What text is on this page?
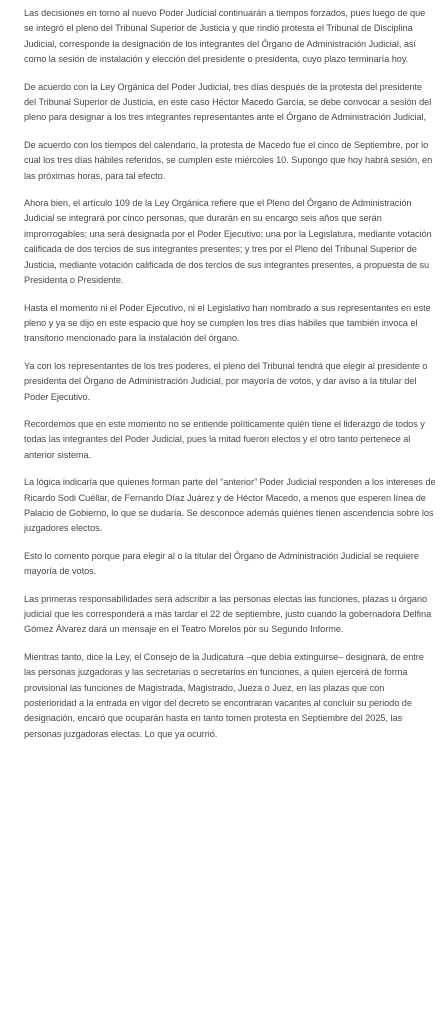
Las decisiones en torno al nuevo Poder Judicial continuarán a tiempos forzados, pues luego de que se integró el pleno del Tribunal Superior de Justicia y que rindió protesta el Tribunal de Disciplina Judicial, corresponde la designación de los integrantes del Órgano de Administración Judicial, así como la sesión de instalación y elección del presidente o presidenta, cuyo plazo terminaría hoy.

De acuerdo con la Ley Orgánica del Poder Judicial, tres días después de la protesta del presidente del Tribunal Superior de Justicia, en este caso Héctor Macedo García, se debe convocar a sesión del pleno para designar a los tres integrantes representantes ante el Órgano de Administración Judicial,

De acuerdo con los tiempos del calendario, la protesta de Macedo fue el cinco de Septiembre, por lo cual los tres días hábiles referidos, se cumplen este miércoles 10. Supongo que hoy habrá sesión, en las próximas horas, para tal efecto.

Ahora bien, el artículo 109 de la Ley Orgánica refiere que el Pleno del Órgano de Administración Judicial se integrará por cinco personas, que durarán en su encargo seis años que serán improrrogables; una será designada por el Poder Ejecutivo; una por la Legislatura, mediante votación calificada de dos tercios de sus integrantes presentes; y tres por el Pleno del Tribunal Superior de Justicia, mediante votación calificada de dos tercios de sus integrantes presentes, a propuesta de su Presidenta o Presidente.

Hasta el momento ni el Poder Ejecutivo, ni el Legislativo han nombrado a sus representantes en este pleno y ya se dijo en este espacio que hoy se cumplen los tres días hábiles que también invoca el transitorio mencionado para la instalación del órgano.

Ya con los representantes de los tres poderes, el pleno del Tribunal tendrá que elegir al presidente o presidenta del Órgano de Administración Judicial, por mayoría de votos, y dar aviso a la titular del Poder Ejecutivo.

Recordemos que en este momento no se entiende políticamente quién tiene el liderazgo de todos y todas las integrantes del Poder Judicial, pues la mitad fueron electos y el otro tanto pertenece al anterior sistema.

La lógica indicaría que quienes forman parte del “anterior” Poder Judicial responden a los intereses de Ricardo Sodi Cuéllar, de Fernando Díaz Juárez y de Héctor Macedo, a menos que esperen línea de Palacio de Gobierno, lo que se dudaría. Se desconoce además quiénes tienen ascendencia sobre los juzgadores electos.

Esto lo comento porque para elegir al o la titular del Órgano de Administración Judicial se requiere mayoría de votos.

Las primeras responsabilidades será adscribir a las personas electas las funciones, plazas u órgano judicial que les corresponderá a más tardar el 22 de septiembre, justo cuando la gobernadora Delfina Gómez Álvarez dará un mensaje en el Teatro Morelos por su Segundo Informe.

Mientras tanto, dice la Ley, el Consejo de la Judicatura –que debía extinguirse– designará, de entre las personas juzgadoras y las secretarias o secretarios en funciones, a quien ejercerá de forma provisional las funciones de Magistrada, Magistrado, Jueza o Juez, en las plazas que con posterioridad a la entrada en vigor del decreto se encontraran vacantes al concluir su periodo de designación, encaró que ocuparán hasta en tanto tomen protesta en Septiembre del 2025, las personas juzgadoras electas. Lo que ya ocurrió.
